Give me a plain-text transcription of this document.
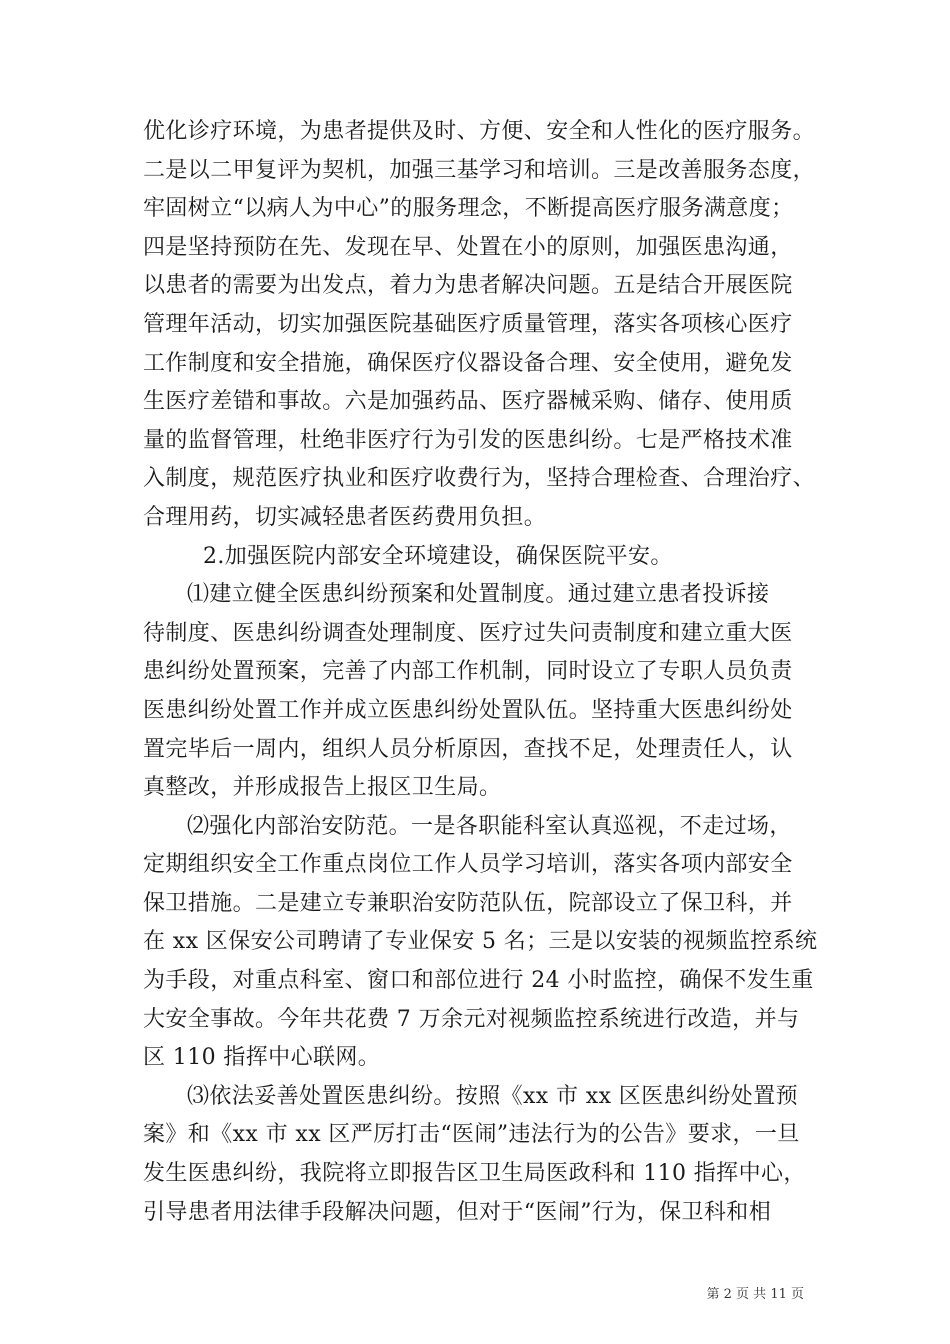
优化诊疗环境，为患者提供及时、方便、安全和人性化的医疗服务。
二是以二甲复评为契机，加强三基学习和培训。三是改善服务态度，
牢固树立“以病人为中心”的服务理念，不断提高医疗服务满意度；
四是坚持预防在先、发现在早、处置在小的原则，加强医患沟通，
以患者的需要为出发点，着力为患者解决问题。五是结合开展医院
管理年活动，切实加强医院基础医疗质量管理，落实各项核心医疗
工作制度和安全措施，确保医疗仪器设备合理、安全使用，避免发
生医疗差错和事故。六是加强药品、医疗器械采购、储存、使用质
量的监督管理，杜绝非医疗行为引发的医患纠纷。七是严格技术准
入制度，规范医疗执业和医疗收费行为，坚持合理检查、合理治疗、
合理用药，切实减轻患者医药费用负担。
2.加强医院内部安全环境建设，确保医院平安。
⑴建立健全医患纠纷预案和处置制度。通过建立患者投诉接
待制度、医患纠纷调查处理制度、医疗过失问责制度和建立重大医
患纠纷处置预案，完善了内部工作机制，同时设立了专职人员负责
医患纠纷处置工作并成立医患纠纷处置队伍。坚持重大医患纠纷处
置完毕后一周内，组织人员分析原因，查找不足，处理责任人，认
真整改，并形成报告上报区卫生局。
⑵强化内部治安防范。一是各职能科室认真巡视，不走过场，
定期组织安全工作重点岗位工作人员学习培训，落实各项内部安全
保卫措施。二是建立专兼职治安防范队伍，院部设立了保卫科，并
在 xx 区保安公司聘请了专业保安 5 名；三是以安装的视频监控系统
为手段，对重点科室、窗口和部位进行 24 小时监控，确保不发生重
大安全事故。今年共花费 7 万余元对视频监控系统进行改造，并与
区 110 指挥中心联网。
⑶依法妥善处置医患纠纷。按照《xx 市 xx 区医患纠纷处置预
案》和《xx 市 xx 区严厉打击“医闹”违法行为的公告》要求，一旦
发生医患纠纷，我院将立即报告区卫生局医政科和 110 指挥中心，
引导患者用法律手段解决问题，但对于“医闹”行为，保卫科和相
第 2 页 共 11 页
